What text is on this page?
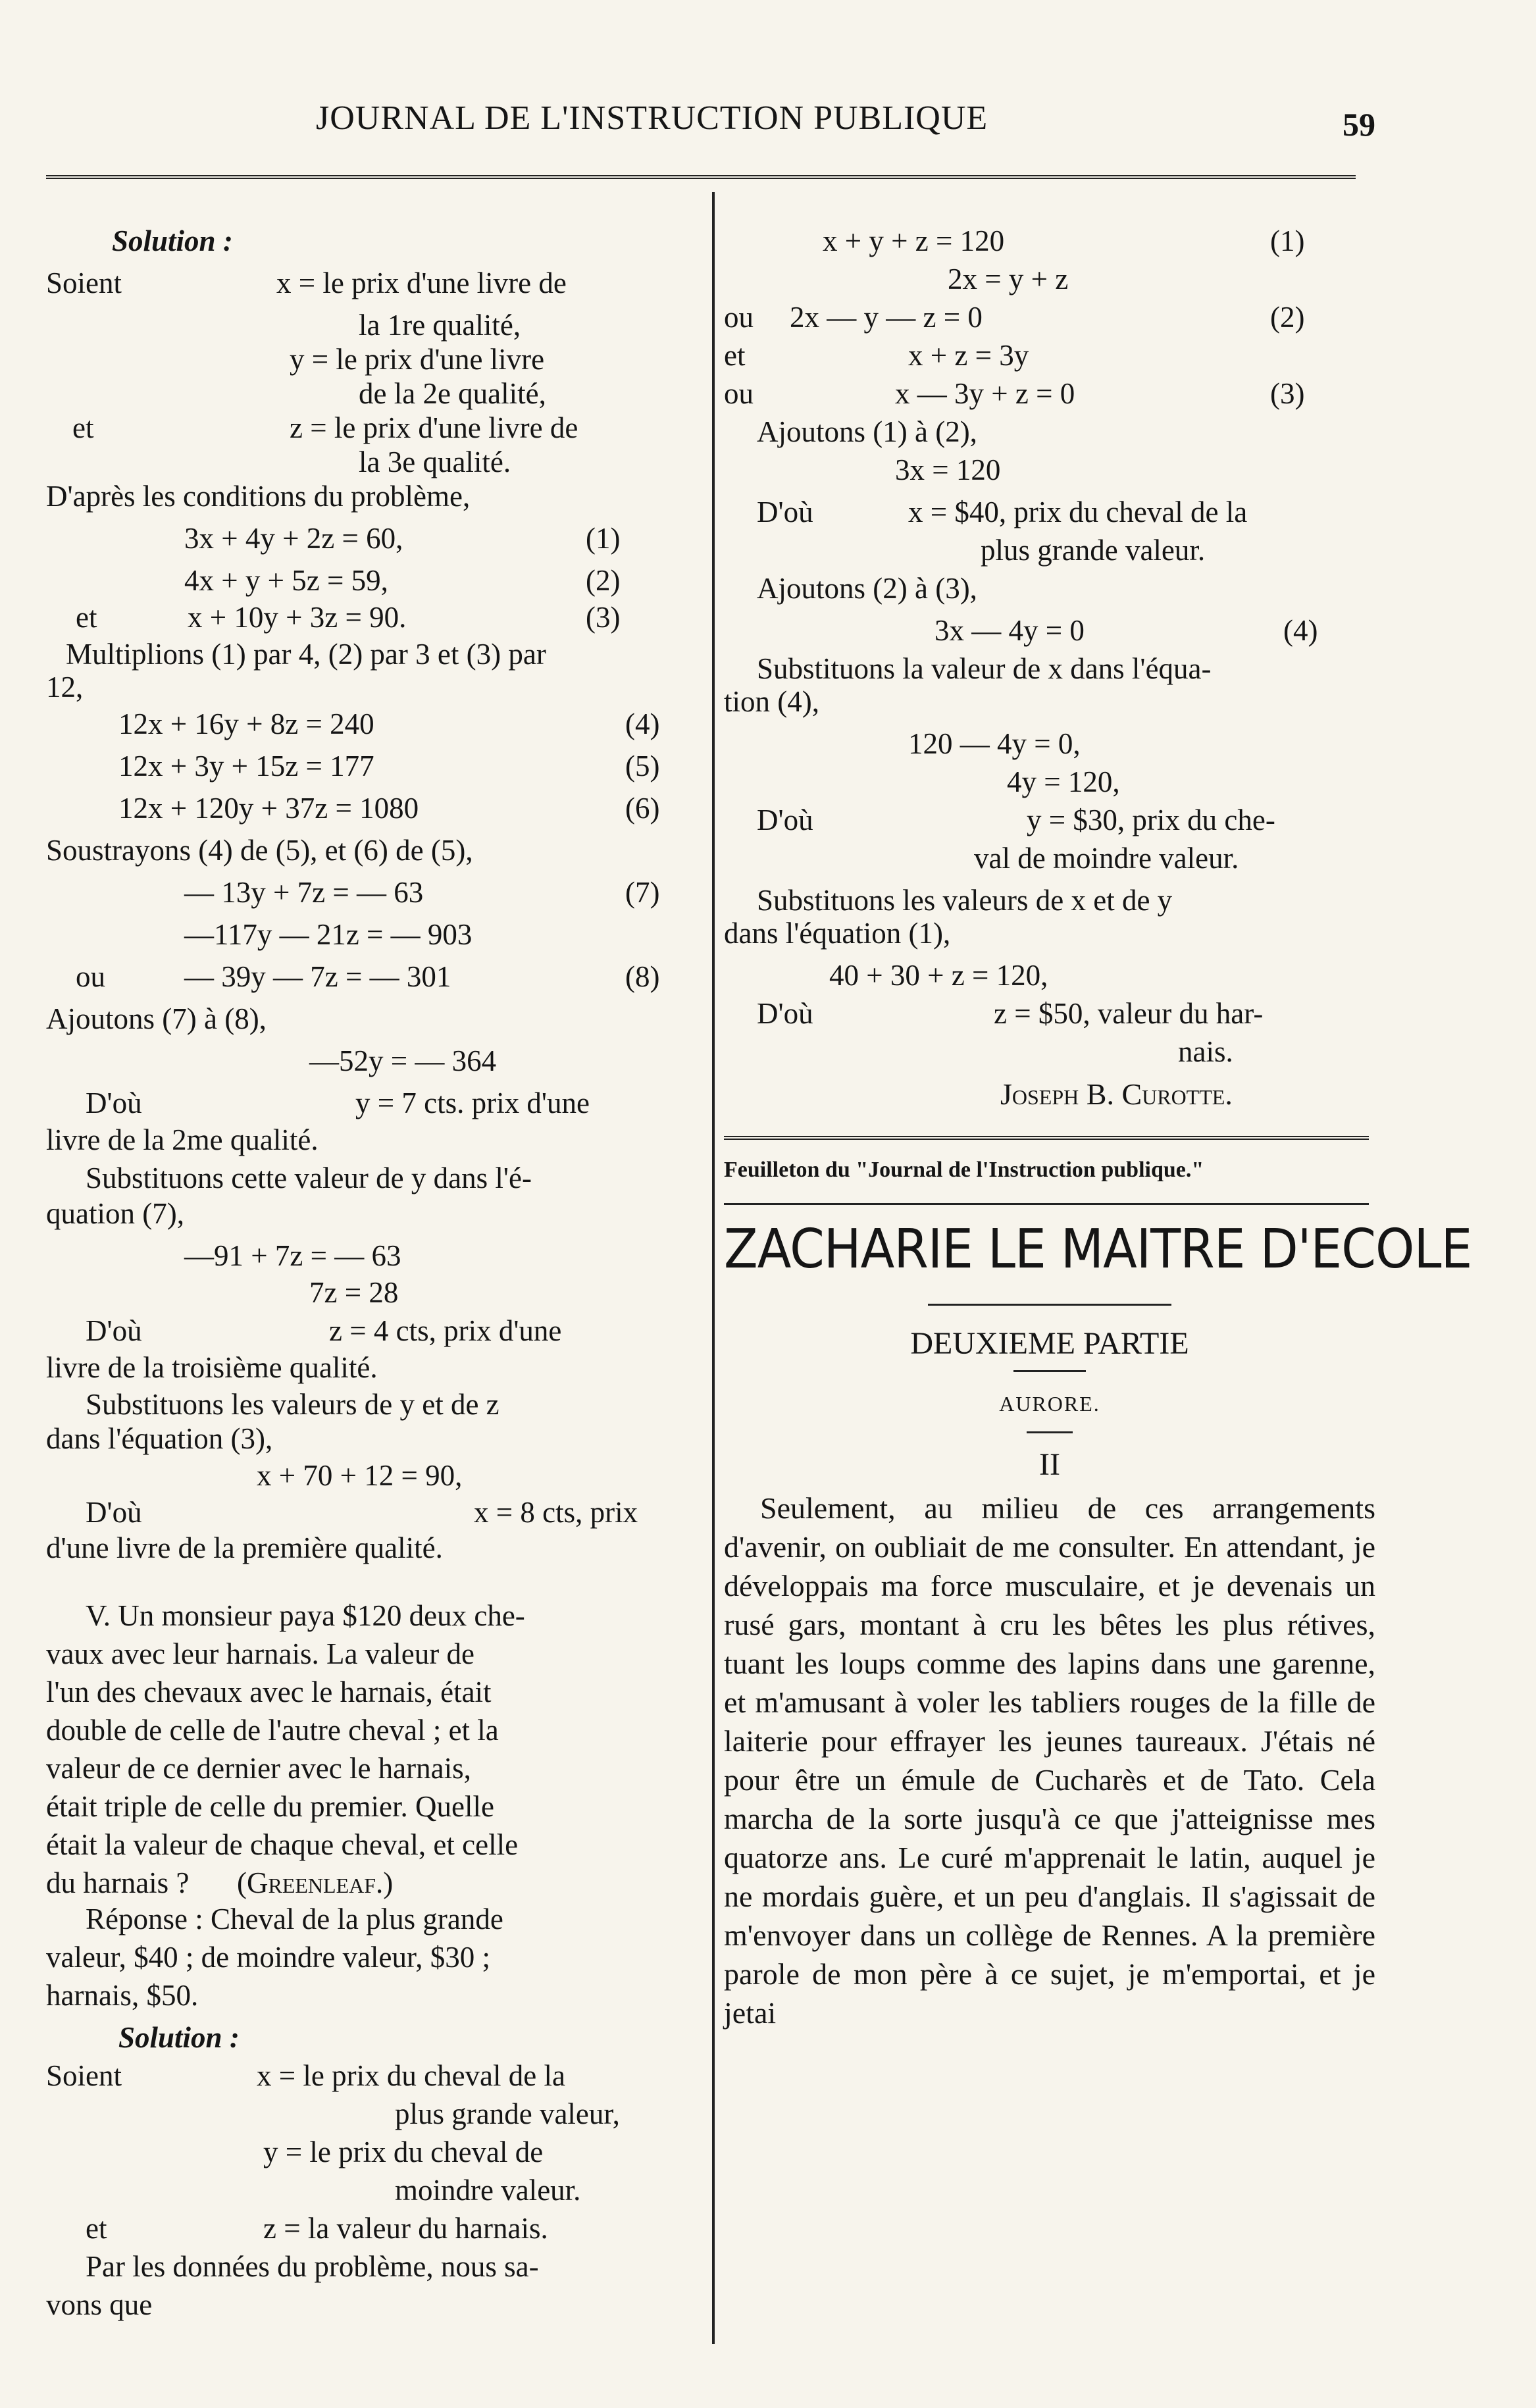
JOURNAL DE L'INSTRUCTION PUBLIQUE	59
Solution :
Soient	x = le prix d'une livre de
la 1re qualité,
y = le prix d'une livre
de la 2e qualité,
et	z = le prix d'une livre de
la 3e qualité.
D'après les conditions du problème,
3x + 4y + 2z = 60,	(1)
4x + y + 5z = 59,	(2)
et	x + 10y + 3z = 90.	(3)
Multiplions (1) par 4, (2) par 3 et (3) par
12,
12x + 16y + 8z = 240	(4)
12x + 3y + 15z = 177	(5)
12x + 120y + 37z = 1080	(6)
Soustrayons (4) de (5), et (6) de (5),
— 13y + 7z = — 63	(7)
—117y — 21z = — 903
ou	— 39y — 7z = — 301	(8)
Ajoutons (7) à (8),
—52y = — 364
D'où	y = 7 cts. prix d'une
livre de la 2me qualité.
Substituons cette valeur de y dans l'é-
quation (7),
—91 + 7z = — 63
7z = 28
D'où	z = 4 cts, prix d'une
livre de la troisième qualité.
Substituons les valeurs de y et de z
dans l'équation (3),
x + 70 + 12 = 90,
D'où	x = 8 cts, prix
d'une livre de la première qualité.
V. Un monsieur paya $120 deux che-
vaux avec leur harnais. La valeur de
l'un des chevaux avec le harnais, était
double de celle de l'autre cheval ; et la
valeur de ce dernier avec le harnais,
était triple de celle du premier. Quelle
était la valeur de chaque cheval, et celle
du harnais ? (Greenleaf.)
Réponse : Cheval de la plus grande
valeur, $40 ; de moindre valeur, $30 ;
harnais, $50.
Solution :
Soient	x = le prix du cheval de la
plus grande valeur,
y = le prix du cheval de
moindre valeur.
et	z = la valeur du harnais.
Par les données du problème, nous sa-
vons que
x + y + z = 120	(1)
2x = y + z
ou 2x — y — z = 0	(2)
et	x + z = 3y
ou	x — 3y + z = 0	(3)
Ajoutons (1) à (2),
3x = 120
D'où	x = $40, prix du cheval de la
plus grande valeur.
Ajoutons (2) à (3),
3x — 4y = 0	(4)
Substituons la valeur de x dans l'équa-
tion (4),
120 — 4y = 0,
4y = 120,
D'où	y = $30, prix du che-
val de moindre valeur.
Substituons les valeurs de x et de y
dans l'équation (1),
40 + 30 + z = 120,
D'où	z = $50, valeur du har-
nais.
Joseph B. Curotte.
Feuilleton du "Journal de l'Instruction publique."
ZACHARIE LE MAITRE D'ECOLE
DEUXIEME PARTIE
AURORE.
II
Seulement, au milieu de ces arrangements d'avenir, on oubliait de me consulter. En attendant, je développais ma force musculaire, et je devenais un rusé gars, montant à cru les bêtes les plus rétives, tuant les loups comme des lapins dans une garenne, et m'amusant à voler les tabliers rouges de la fille de laiterie pour effrayer les jeunes taureaux. J'étais né pour être un émule de Cucharès et de Tato. Cela marcha de la sorte jusqu'à ce que j'atteignisse mes quatorze ans. Le curé m'apprenait le latin, auquel je ne mordais guère, et un peu d'anglais. Il s'agissait de m'envoyer dans un collège de Rennes. A la première parole de mon père à ce sujet, je m'emportai, et je jetai
